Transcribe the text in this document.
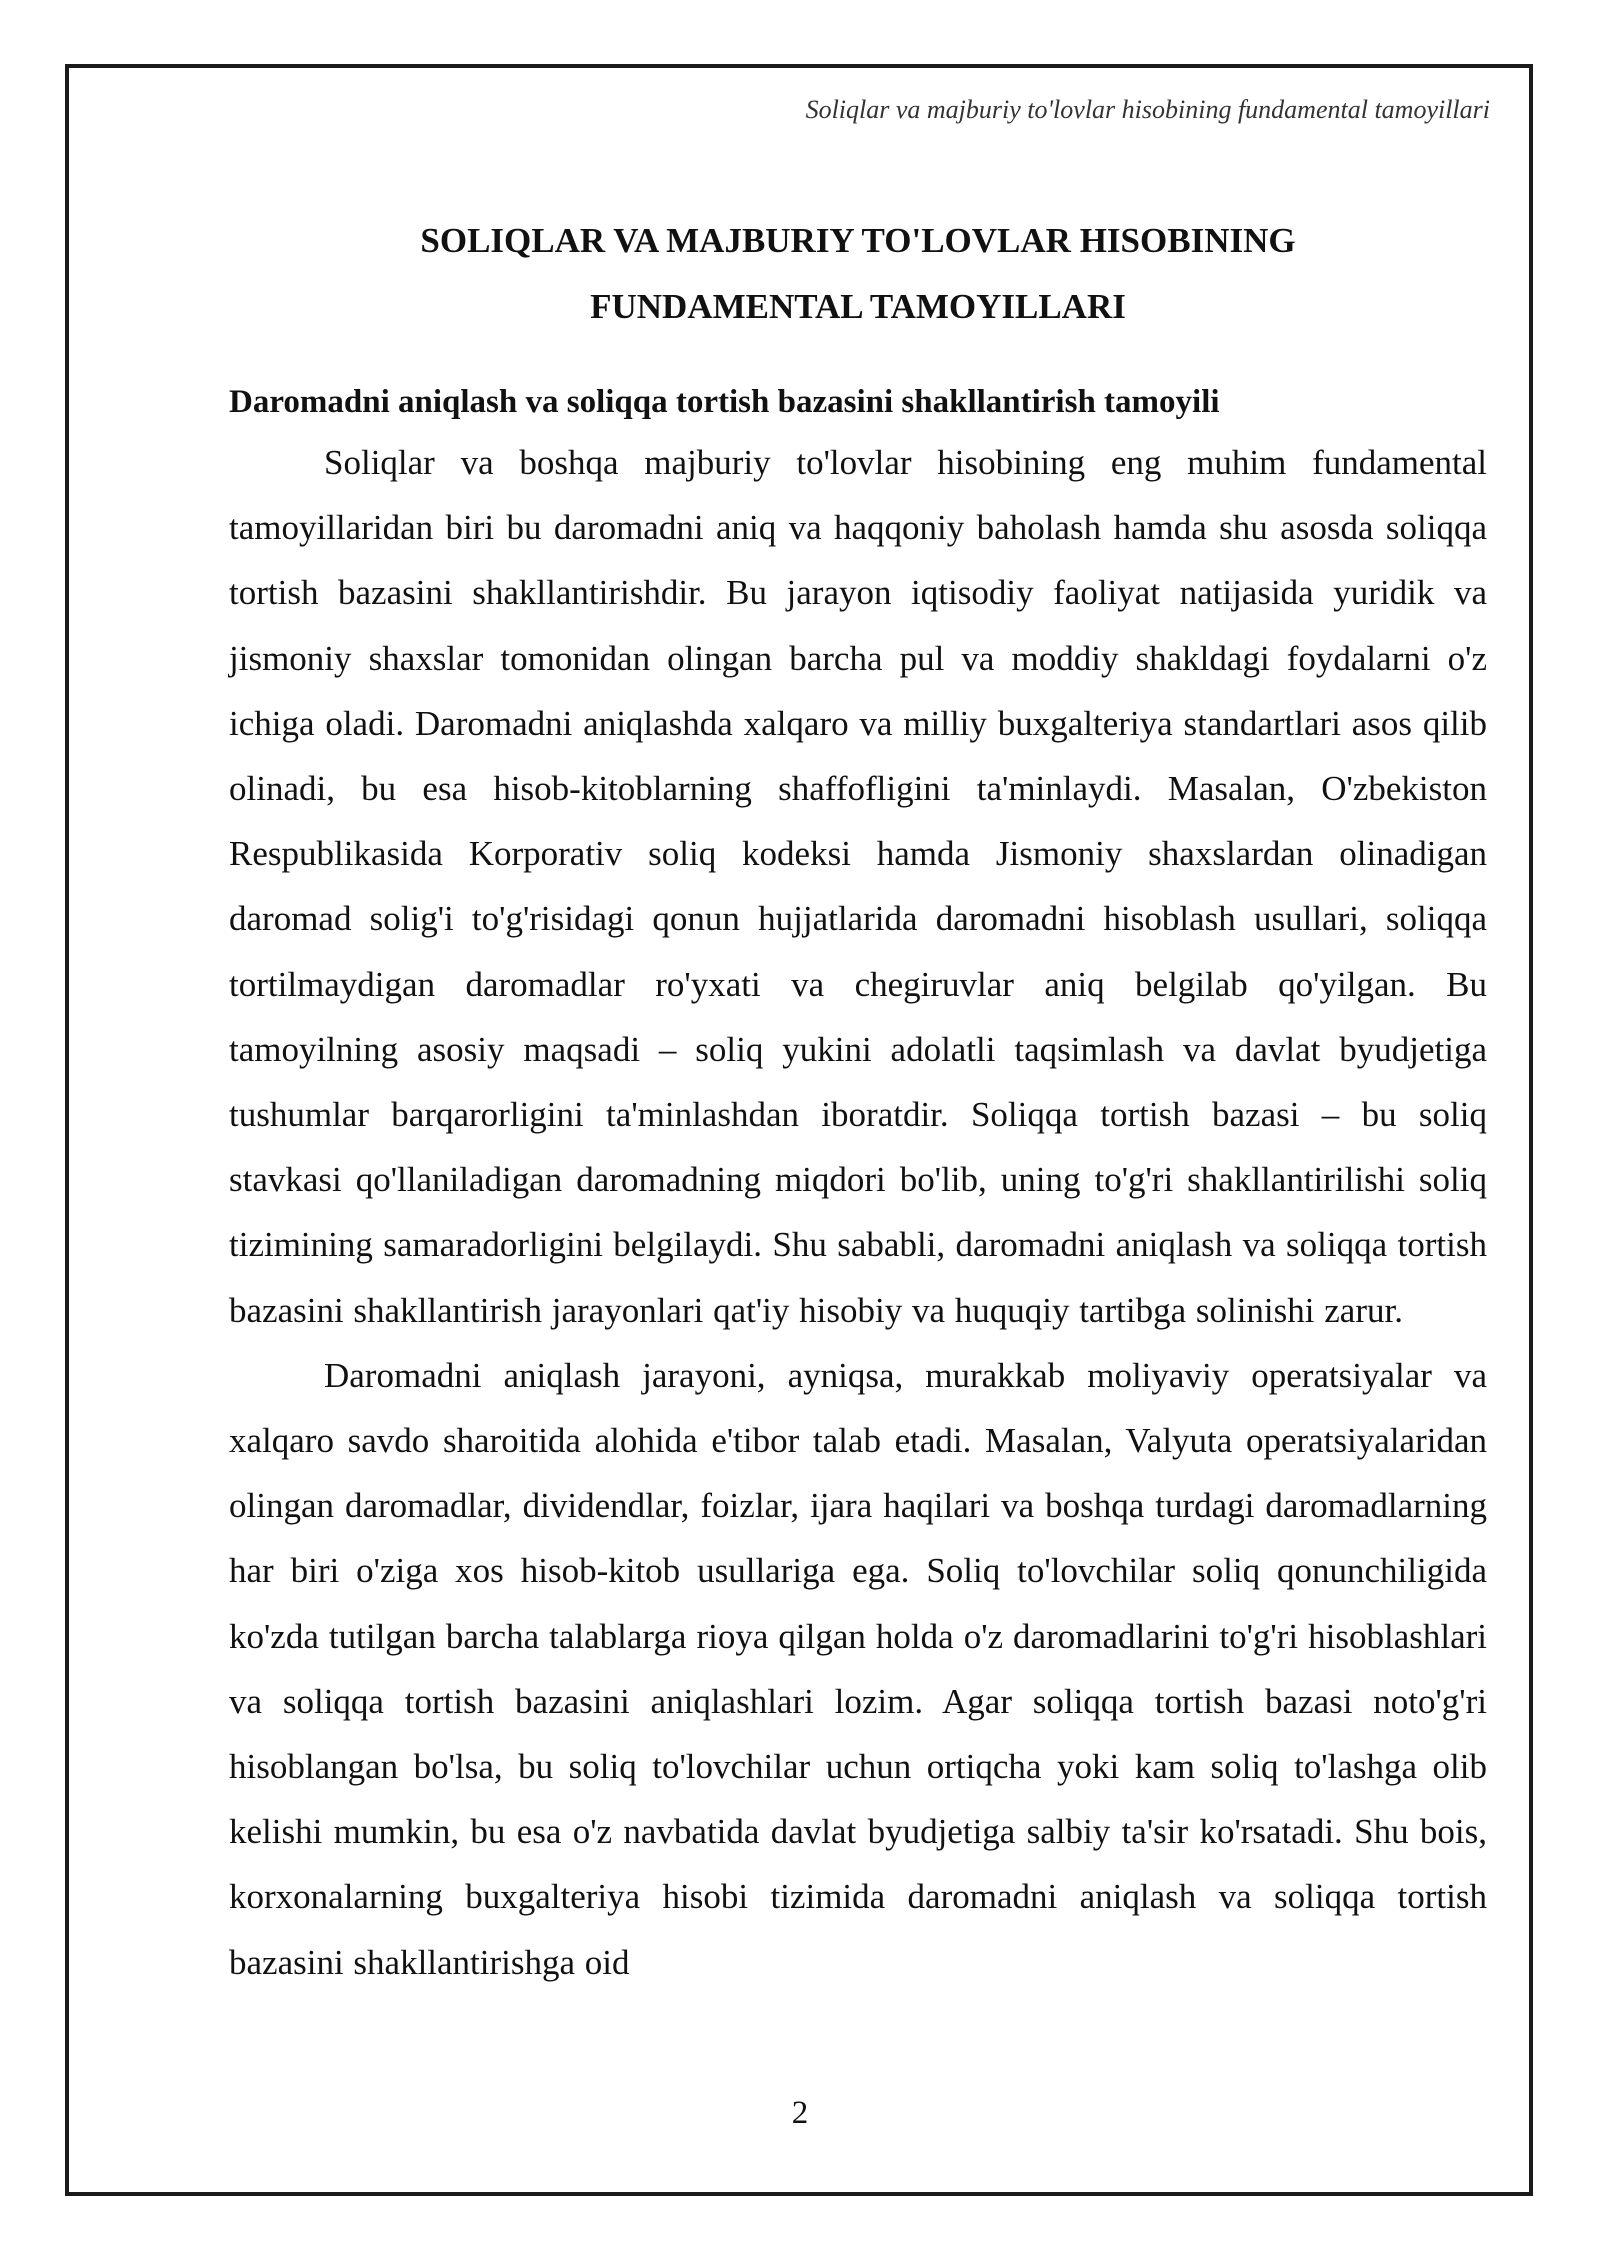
Soliqlar va majburiy to'lovlar hisobining fundamental tamoyillari
SOLIQLAR VA MAJBURIY TO'LOVLAR HISOBINING
FUNDAMENTAL TAMOYILLARI
Daromadni aniqlash va soliqqa tortish bazasini shakllantirish tamoyili

Soliqlar va boshqa majburiy to'lovlar hisobining eng muhim fundamental tamoyillaridan biri bu daromadni aniq va haqqoniy baholash hamda shu asosda soliqqa tortish bazasini shakllantirishdir. Bu jarayon iqtisodiy faoliyat natijasida yuridik va jismoniy shaxslar tomonidan olingan barcha pul va moddiy shakldagi foydalarni o'z ichiga oladi. Daromadni aniqlashda xalqaro va milliy buxgalteriya standartlari asos qilib olinadi, bu esa hisob-kitoblarning shaffofligini ta'minlaydi. Masalan, O'zbekiston Respublikasida Korporativ soliq kodeksi hamda Jismoniy shaxslardan olinadigan daromad solig'i to'g'risidagi qonun hujjatlarida daromadni hisoblash usullari, soliqqa tortilmaydigan daromadlar ro'yxati va chegiruvlar aniq belgilab qo'yilgan. Bu tamoyilning asosiy maqsadi – soliq yukini adolatli taqsimlash va davlat byudjetiga tushumlar barqarorligini ta'minlashdan iboratdir. Soliqqa tortish bazasi – bu soliq stavkasi qo'llaniladigan daromadning miqdori bo'lib, uning to'g'ri shakllantirilishi soliq tizimining samaradorligini belgilaydi. Shu sababli, daromadni aniqlash va soliqqa tortish bazasini shakllantirish jarayonlari qat'iy hisobiy va huquqiy tartibga solinishi zarur.

Daromadni aniqlash jarayoni, ayniqsa, murakkab moliyaviy operatsiyalar va xalqaro savdo sharoitida alohida e'tibor talab etadi. Masalan, Valyuta operatsiyalaridan olingan daromadlar, dividendlar, foizlar, ijara haqilari va boshqa turdagi daromadlarning har biri o'ziga xos hisob-kitob usullariga ega. Soliq to'lovchilar soliq qonunchiligida ko'zda tutilgan barcha talablarga rioya qilgan holda o'z daromadlarini to'g'ri hisoblashlari va soliqqa tortish bazasini aniqlashlari lozim. Agar soliqqa tortish bazasi noto'g'ri hisoblangan bo'lsa, bu soliq to'lovchilar uchun ortiqcha yoki kam soliq to'lashga olib kelishi mumkin, bu esa o'z navbatida davlat byudjetiga salbiy ta'sir ko'rsatadi. Shu bois, korxonalarning buxgalteriya hisobi tizimida daromadni aniqlash va soliqqa tortish bazasini shakllantirishga oid

2
